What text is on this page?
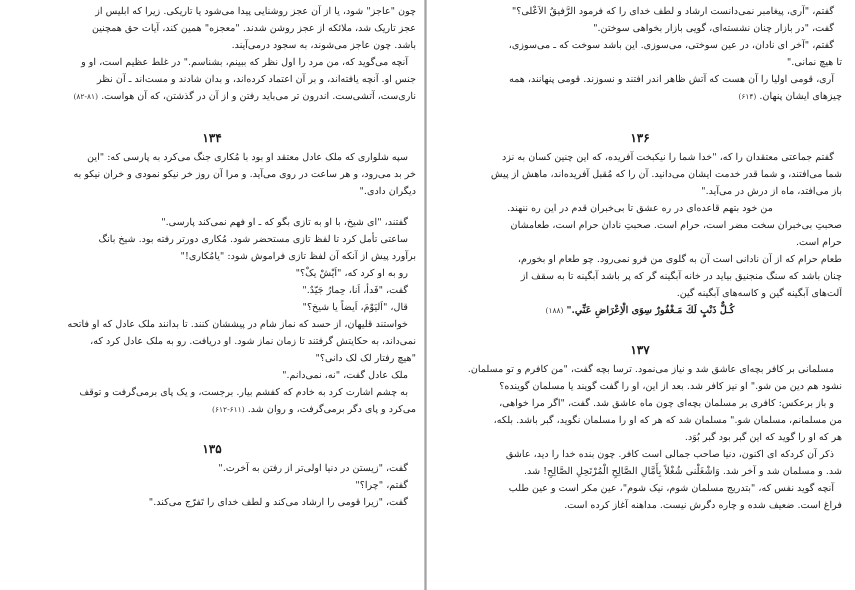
چون "عاجز" شود، یا از آن عجز روشنایی پیدا می‌شود یا تاریکی. زیرا که ابلیس از

عجز تاریک شد، ملائکه از عجز روشن شدند. "معجزه" همین کند، آیات حق همچنین

باشد. چون عاجز می‌شوند، به سجود درمی‌آیند.

آنچه می‌گوید که، من مرد را اول نظر که ببینم، بشناسم." در غلط عظیم است، او و

جنس او. آنچه یافته‌اند، و بر آن اعتماد کرده‌اند، و بدان شادند و مست‌اند ـ آن نظر

ناری‌ست، آتشی‌ست. اندرون تر می‌باید رفتن و از آن در گذشتن، که آن هواست. (۸۱-۸۲)

۱۳۴

سپه شلواری که ملک عادل معتقد او بود با مُکاری جنگ می‌کرد به پارسی که: "این

خر بد می‌رود، و هر ساعت در روی می‌آید. و مرا آن روز خر نیکو نمودی و خران نیکو به

دیگران دادی."

گفتند، "ای شیخ، با او به تازی بگو که ـ او فهم نمی‌کند پارسی."

ساعتی تأمل کرد تا لفظ تازی مستحضر شود. مُکاری دورتر رفته بود. شیخ بانگ

برآورد پیش از آنکه آن لفظ تازی فراموش شود: "یامُکاری!"

رو به او کرد که، "اَیْشْ یکْ؟"

گفت، "فَدأ، اَنا، حِمارُ جَیّدٌ."

قال، "اَلیَوْمَ، اَیضاً یا شیخ؟"

خواستند قلیهان، از حسد که نماز شام در پیششان کنند. تا بدانند ملک عادل که او فاتحه

نمی‌داند، به حکایتش گرفتند تا زمان نماز شود. او دریافت. رو به ملک عادل کرد که،

"هیچ رفتار لک لک دانی؟"

ملک عادل گفت، "نه، نمی‌دانم."

به چشم اشارت کرد به خادم که کفشم بیار. برجست، و یک پای برمی‌گرفت و توقف

می‌کرد و پای دگر برمی‌گرفت، و روان شد. (۶۱۱-۶۱۲)

۱۳۵

گفت، "زیستن در دنیا اولی‌تر از رفتن به آخرت."

گفتم، "چرا؟"

گفت، "زیرا قومی را ارشاد می‌کند و لطف خدای را تَفرّج می‌کند."

گفتم، "آری، پیغامبر نمی‌دانست ارشاد و لطف خدای را که فرمود الرَّفیقُ الاَعْلی؟"

گفت، "در بازار چنان نشسته‌ای، گویی بازار بخواهی سوختن."

گفتم، "آخر ای نادان، در عین سوختی، می‌سوزی. این باشد سوخت که ـ می‌سوزی،

تا هیچ نمانی."

آری، قومی اولیا را آن هست که آتش ظاهر اندر افتند و نسوزند. قومی پنهانند، همه

چیزهای ایشان پنهان. (۶۱۴)

۱۳۶

گفتم جماعتی معتقدان را که، "خدا شما را نیکبخت آفریده، که این چنین کسان به نزد

شما می‌افتند، و شما قدر خدمت ایشان می‌دانید. آن را که مُقبل آفریده‌اند، ماهش از پیش

باز می‌افتد، ماه از درش در می‌آید."

من خود بتهم قاعده‌ای در ره عشق تا بی‌خبران قدم در این ره ننهند.

صحبتِ بی‌خبران سخت مضر است، حرام است. صحبتِ نادان حرام است، طعامشان

حرام است.

طعام حرام که از آن نادانی است آن به گلوی من فرو نمی‌رود. چو طعام او بخورم،

چنان باشد که سنگ منجنیق بیاید در خانه آبگینه گر که پر باشد آبگینه تا به سقف از

آلت‌های آبگینه گین و کاسه‌های آبگینه گین.

کُـلٌّ ذَنْبٍ لَكَ مَـغْفُورٌ سِوَى الْاِعْرَاضِ عَنِّي." (۱۸۸)

۱۳۷

مسلمانی بر کافر بچه‌ای عاشق شد و نیاز می‌نمود. ترسا بچه گفت، "من کافرم و تو مسلمان.

نشود هم دین من شو." او نیز کافر شد. بعد از این، او را گفت گویند یا مسلمان گوینده؟

و باز برعکس: کافری بر مسلمان بچه‌ای چون ماه عاشق شد. گفت، "اگر مرا خواهی،

من مسلمانم، مسلمان شو." مسلمان شد که هر که او را مسلمان نگوید، گبر باشد. بلکه،

هر که او را گوید که این گبر بود گبر بُوَد.

ذکر آن کردکه ای اکنون، دنیا صاحب جمالی است کافر. چون بنده خدا را دید، عاشق

شد. و مسلمان شد و آخر شد. وَاشْغَلْنی شُغْلاً بِأَمَّالِ الصَّالِحِ الْمُرْتَحِلِ الصَّالِحِ! شد.

آنچه گوید نفس که، "بتدریج مسلمان شوم، نیک شوم"، عین مکر است و عین طلب

فراغ است. ضعیف شده و چاره دگرش نیست. مداهنه آغاز کرده است.
